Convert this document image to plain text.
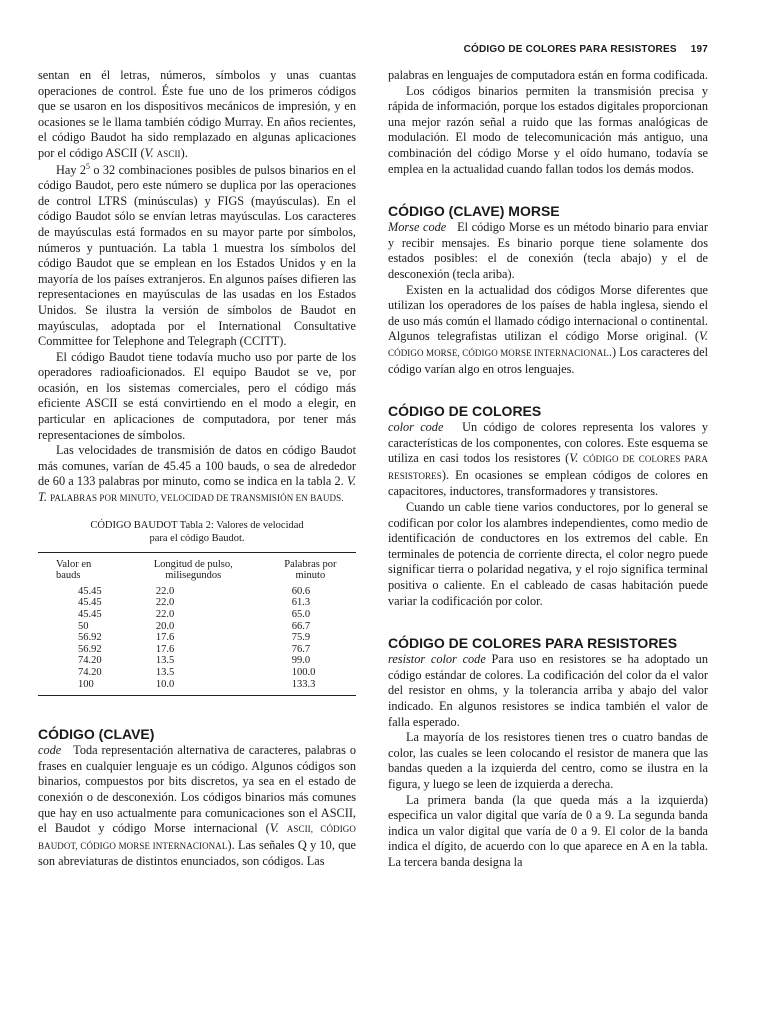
CÓDIGO DE COLORES PARA RESISTORES 197

sentan en él letras, números, símbolos y unas cuantas operaciones de control. Éste fue uno de los primeros códigos que se usaron en los dispositivos mecánicos de impresión, y en ocasiones se le llama también código Murray. En años recientes, el código Baudot ha sido remplazado en algunas aplicaciones por el código ASCII (V. ASCII).

Hay $2^5$ o 32 combinaciones posibles de pulsos binarios en el código Baudot, pero este número se duplica por las operaciones de control LTRS (minúsculas) y FIGS (mayúsculas). En el código Baudot sólo se envían letras mayúsculas. Los caracteres de mayúsculas está formados en su mayor parte por símbolos, números y puntuación. La tabla 1 muestra los símbolos del código Baudot que se emplean en los Estados Unidos y en la mayoría de los países extranjeros. En algunos países difieren las representaciones en mayúsculas de las usadas en los Estados Unidos. Se ilustra la versión de símbolos de Baudot en mayúsculas, adoptada por el International Consultative Committee for Telephone and Telegraph (CCITT).

El código Baudot tiene todavía mucho uso por parte de los operadores radioaficionados. El equipo Baudot se ve, por ocasión, en los sistemas comerciales, pero el código más eficiente ASCII se está convirtiendo en el modo a elegir, en particular en aplicaciones de computadora, por tener más representaciones de símbolos.

Las velocidades de transmisión de datos en código Baudot más comunes, varían de 45.45 a 100 bauds, o sea de alrededor de 60 a 133 palabras por minuto, como se indica en la tabla 2. V. T. PALABRAS POR MINUTO, VELOCIDAD DE TRANSMISIÓN EN BAUDS.

CÓDIGO BAUDOT Tabla 2: Valores de velocidad
para el código Baudot.
Valor en bauds	Longitud de pulso, milisegundos	Palabras por minuto
45.45	22.0	60.6
45.45	22.0	61.3
45.45	22.0	65.0
50	20.0	66.7
56.92	17.6	75.9
56.92	17.6	76.7
74.20	13.5	99.0
74.20	13.5	100.0
100	10.0	133.3
CÓDIGO (CLAVE)

code Toda representación alternativa de caracteres, palabras o frases en cualquier lenguaje es un código. Algunos códigos son binarios, compuestos por bits discretos, ya sea en el estado de conexión o de desconexión. Los códigos binarios más comunes que hay en uso actualmente para comunicaciones son el ASCII, el Baudot y código Morse internacional (V. ASCII, CÓDIGO BAUDOT, CÓDIGO MORSE INTERNACIONAL). Las señales Q y 10, que son abreviaturas de distintos enunciados, son códigos. Las

palabras en lenguajes de computadora están en forma codificada.

Los códigos binarios permiten la transmisión precisa y rápida de información, porque los estados digitales proporcionan una mejor razón señal a ruido que las formas analógicas de modulación. El modo de telecomunicación más antiguo, una combinación del código Morse y el oído humano, todavía se emplea en la actualidad cuando fallan todos los demás modos.

CÓDIGO (CLAVE) MORSE

Morse code El código Morse es un método binario para enviar y recibir mensajes. Es binario porque tiene solamente dos estados posibles: el de conexión (tecla abajo) y el de desconexión (tecla ariba).

Existen en la actualidad dos códigos Morse diferentes que utilizan los operadores de los países de habla inglesa, siendo el de uso más común el llamado código internacional o continental. Algunos telegrafistas utilizan el código Morse original. (V. CÓDIGO MORSE, CÓDIGO MORSE INTERNACIONAL.) Los caracteres del código varían algo en otros lenguajes.

CÓDIGO DE COLORES

color code Un código de colores representa los valores y características de los componentes, con colores. Este esquema se utiliza en casi todos los resistores (V. CÓDIGO DE COLORES PARA RESISTORES). En ocasiones se emplean códigos de colores en capacitores, inductores, transformadores y transistores.

Cuando un cable tiene varios conductores, por lo general se codifican por color los alambres independientes, como medio de identificación de conductores en los extremos del cable. En terminales de potencia de corriente directa, el color negro puede significar tierra o polaridad negativa, y el rojo significa terminal positiva o caliente. En el cableado de casas habitación puede variar la codificación por color.

CÓDIGO DE COLORES PARA RESISTORES

resistor color code Para uso en resistores se ha adoptado un código estándar de colores. La codificación del color da el valor del resistor en ohms, y la tolerancia arriba y abajo del valor indicado. En algunos resistores se indica también el valor de falla esperado.

La mayoría de los resistores tienen tres o cuatro bandas de color, las cuales se leen colocando el resistor de manera que las bandas queden a la izquierda del centro, como se ilustra en la figura, y luego se leen de izquierda a derecha.

La primera banda (la que queda más a la izquierda) especifica un valor digital que varía de 0 a 9. La segunda banda indica un valor digital que varía de 0 a 9. El color de la banda indica el dígito, de acuerdo con lo que aparece en A en la tabla. La tercera banda designa la
